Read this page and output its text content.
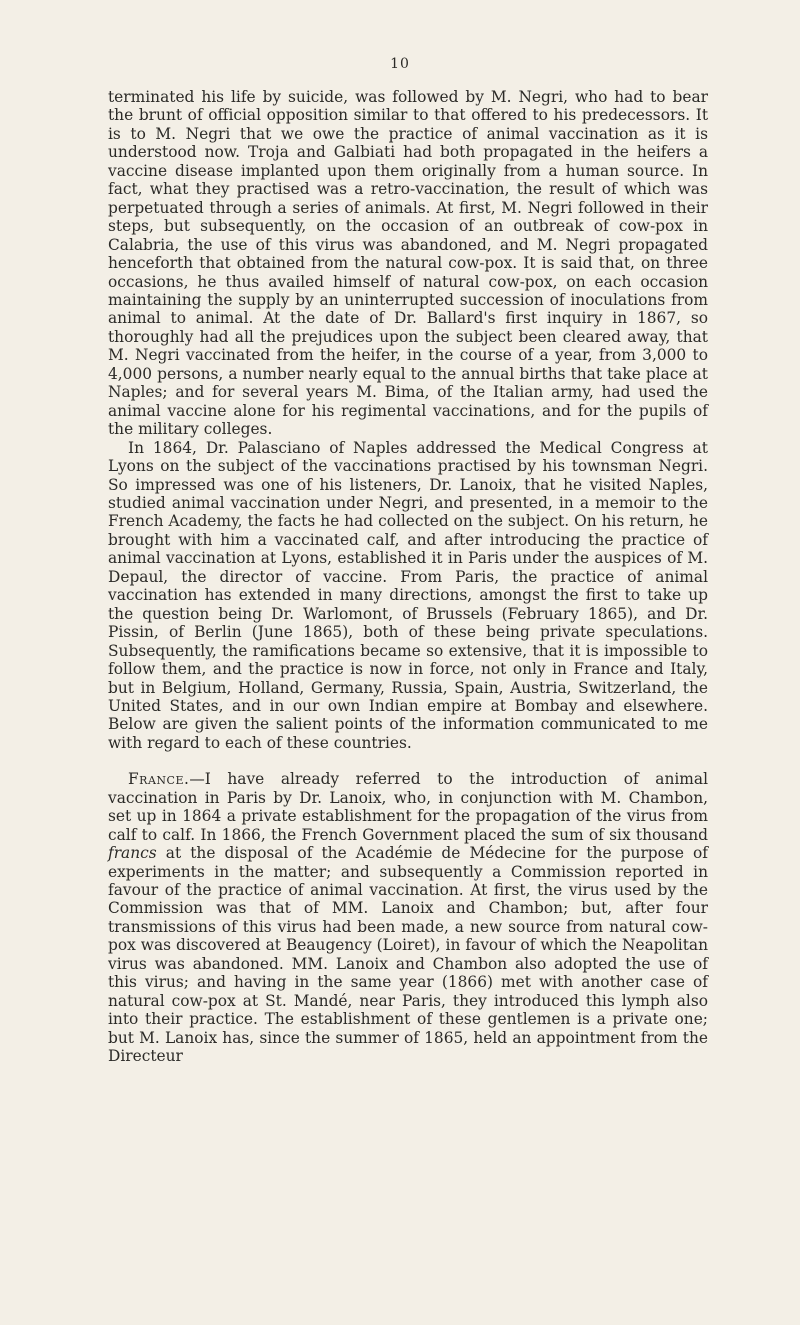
10

terminated his life by suicide, was followed by M. Negri, who had to bear the brunt of official opposition similar to that offered to his predecessors. It is to M. Negri that we owe the practice of animal vaccination as it is understood now. Troja and Galbiati had both propagated in the heifers a vaccine disease implanted upon them originally from a human source. In fact, what they practised was a retro-vaccination, the result of which was perpetuated through a series of animals. At first, M. Negri followed in their steps, but subsequently, on the occasion of an outbreak of cow-pox in Calabria, the use of this virus was abandoned, and M. Negri propagated henceforth that obtained from the natural cow-pox. It is said that, on three occasions, he thus availed himself of natural cow-pox, on each occasion maintaining the supply by an uninterrupted succession of inoculations from animal to animal. At the date of Dr. Ballard's first inquiry in 1867, so thoroughly had all the prejudices upon the subject been cleared away, that M. Negri vaccinated from the heifer, in the course of a year, from 3,000 to 4,000 persons, a number nearly equal to the annual births that take place at Naples; and for several years M. Bima, of the Italian army, had used the animal vaccine alone for his regimental vaccinations, and for the pupils of the military colleges.

In 1864, Dr. Palasciano of Naples addressed the Medical Congress at Lyons on the subject of the vaccinations practised by his townsman Negri. So impressed was one of his listeners, Dr. Lanoix, that he visited Naples, studied animal vaccination under Negri, and presented, in a memoir to the French Academy, the facts he had collected on the subject. On his return, he brought with him a vaccinated calf, and after introducing the practice of animal vaccination at Lyons, established it in Paris under the auspices of M. Depaul, the director of vaccine. From Paris, the practice of animal vaccination has extended in many directions, amongst the first to take up the question being Dr. Warlomont, of Brussels (February 1865), and Dr. Pissin, of Berlin (June 1865), both of these being private speculations. Subsequently, the ramifications became so extensive, that it is impossible to follow them, and the practice is now in force, not only in France and Italy, but in Belgium, Holland, Germany, Russia, Spain, Austria, Switzerland, the United States, and in our own Indian empire at Bombay and elsewhere. Below are given the salient points of the information communicated to me with regard to each of these countries.

France.—I have already referred to the introduction of animal vaccination in Paris by Dr. Lanoix, who, in conjunction with M. Chambon, set up in 1864 a private establishment for the propagation of the virus from calf to calf. In 1866, the French Government placed the sum of six thousand francs at the disposal of the Académie de Médecine for the purpose of experiments in the matter; and subsequently a Commission reported in favour of the practice of animal vaccination. At first, the virus used by the Commission was that of MM. Lanoix and Chambon; but, after four transmissions of this virus had been made, a new source from natural cow-pox was discovered at Beaugency (Loiret), in favour of which the Neapolitan virus was abandoned. MM. Lanoix and Chambon also adopted the use of this virus; and having in the same year (1866) met with another case of natural cow-pox at St. Mandé, near Paris, they introduced this lymph also into their practice. The establishment of these gentlemen is a private one; but M. Lanoix has, since the summer of 1865, held an appointment from the Directeur
